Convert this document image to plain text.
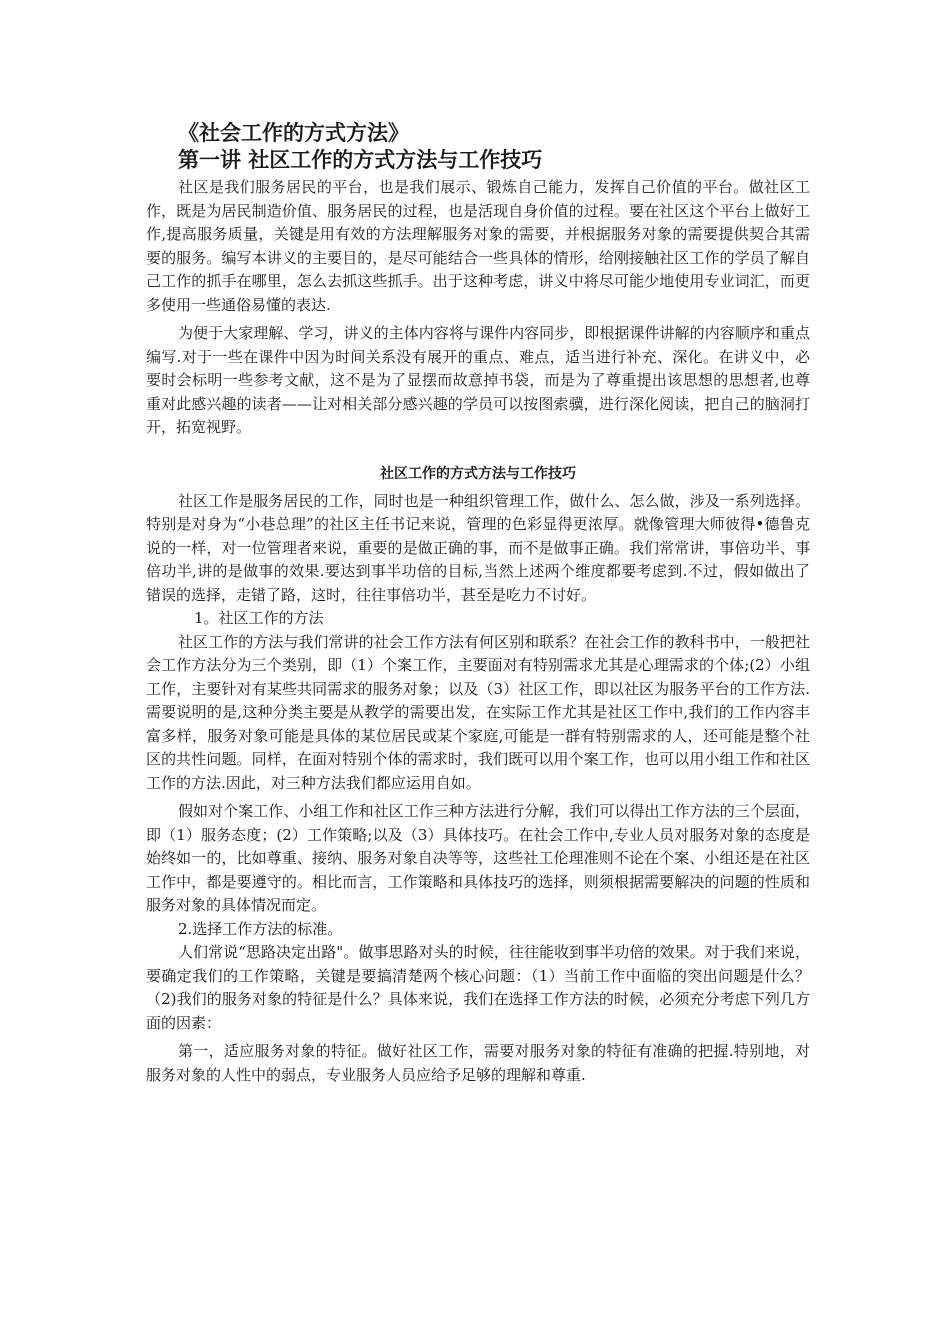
《社会工作的方式方法》
第一讲 社区工作的方式方法与工作技巧

社区是我们服务居民的平台，也是我们展示、锻炼自己能力，发挥自己价值的平台。做社区工作，既是为居民制造价值、服务居民的过程，也是活现自身价值的过程。要在社区这个平台上做好工作,提高服务质量，关键是用有效的方法理解服务对象的需要，并根据服务对象的需要提供契合其需要的服务。编写本讲义的主要目的，是尽可能结合一些具体的情形，给刚接触社区工作的学员了解自己工作的抓手在哪里，怎么去抓这些抓手。出于这种考虑，讲义中将尽可能少地使用专业词汇，而更多使用一些通俗易懂的表达.

为便于大家理解、学习，讲义的主体内容将与课件内容同步，即根据课件讲解的内容顺序和重点编写.对于一些在课件中因为时间关系没有展开的重点、难点，适当进行补充、深化。在讲义中，必要时会标明一些参考文献，这不是为了显摆而故意掉书袋，而是为了尊重提出该思想的思想者,也尊重对此感兴趣的读者——让对相关部分感兴趣的学员可以按图索骥，进行深化阅读，把自己的脑洞打开，拓宽视野。

社区工作的方式方法与工作技巧

社区工作是服务居民的工作，同时也是一种组织管理工作，做什么、怎么做，涉及一系列选择。特别是对身为“小巷总理”的社区主任书记来说，管理的色彩显得更浓厚。就像管理大师彼得•德鲁克说的一样，对一位管理者来说，重要的是做正确的事，而不是做事正确。我们常常讲，事倍功半、事倍功半,讲的是做事的效果.要达到事半功倍的目标,当然上述两个维度都要考虑到.不过，假如做出了错误的选择，走错了路，这时，往往事倍功半，甚至是吃力不讨好。

1。社区工作的方法

社区工作的方法与我们常讲的社会工作方法有何区别和联系？在社会工作的教科书中，一般把社会工作方法分为三个类别，即（1）个案工作，主要面对有特别需求尤其是心理需求的个体;(2）小组工作，主要针对有某些共同需求的服务对象；以及（3）社区工作，即以社区为服务平台的工作方法.需要说明的是,这种分类主要是从教学的需要出发，在实际工作尤其是社区工作中,我们的工作内容丰富多样，服务对象可能是具体的某位居民或某个家庭,可能是一群有特别需求的人，还可能是整个社区的共性问题。同样，在面对特别个体的需求时，我们既可以用个案工作，也可以用小组工作和社区工作的方法.因此，对三种方法我们都应运用自如。

假如对个案工作、小组工作和社区工作三种方法进行分解，我们可以得出工作方法的三个层面，即（1）服务态度；(2）工作策略;以及（3）具体技巧。在社会工作中,专业人员对服务对象的态度是始终如一的，比如尊重、接纳、服务对象自决等等，这些社工伦理准则不论在个案、小组还是在社区工作中，都是要遵守的。相比而言，工作策略和具体技巧的选择，则须根据需要解决的问题的性质和服务对象的具体情况而定。

2.选择工作方法的标准。

人们常说“思路决定出路"。做事思路对头的时候，往往能收到事半功倍的效果。对于我们来说，要确定我们的工作策略，关键是要搞清楚两个核心问题：（1）当前工作中面临的突出问题是什么？（2)我们的服务对象的特征是什么？具体来说，我们在选择工作方法的时候，必须充分考虑下列几方面的因素：

第一，适应服务对象的特征。做好社区工作，需要对服务对象的特征有准确的把握.特别地，对服务对象的人性中的弱点，专业服务人员应给予足够的理解和尊重.
